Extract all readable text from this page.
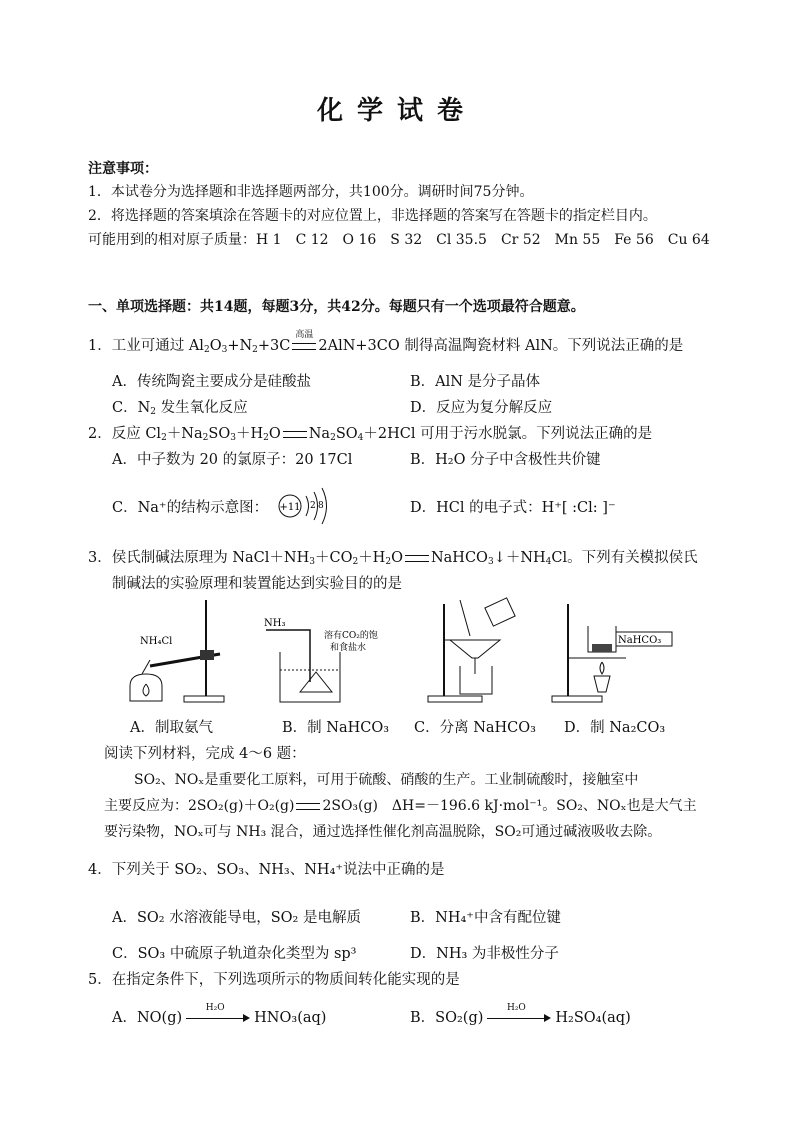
化学试卷
注意事项：
1．本试卷分为选择题和非选择题两部分，共100分。调研时间75分钟。
2．将选择题的答案填涂在答题卡的对应位置上，非选择题的答案写在答题卡的指定栏目内。
可能用到的相对原子质量：H 1　C 12　O 16　S 32　Cl 35.5　Cr 52　Mn 55　Fe 56　Cu 64
一、单项选择题：共14题，每题3分，共42分。每题只有一个选项最符合题意。
1．工业可通过 $Al_2O_3+N_2+3C$
高温
2AlN+3CO 制得高温陶瓷材料 AlN。下列说法正确的是
A．传统陶瓷主要成分是硅酸盐	B．AlN 是分子晶体
C．$N_2$ 发生氧化反应	D．反应为复分解反应
2．反应 $Cl_2+Na_2SO_3+H_2O$ $Na_2SO_4+2HCl$ 可用于污水脱氯。下列说法正确的是
A．中子数为 20 的氯原子：20 17Cl	B．H₂O 分子中含极性共价键
C．Na⁺的结构示意图： +11 2 8	D．HCl 的电子式：H⁺[ :Cl: ]⁻
3．侯氏制碱法原理为 $NaCl+NH_3+CO_2+H_2O$ $NaHCO_3↓+NH_4Cl$。下列有关模拟侯氏
制碱法的实验原理和装置能达到实验目的的是
NH₄Cl
NH₃
溶有CO₂的饱
和食盐水
NaHCO₃
A．制取氨气	B．制 NaHCO₃ C．分离 NaHCO₃ D．制 Na₂CO₃
阅读下列材料，完成 4～6 题：
SO₂、NOₓ是重要化工原料，可用于硫酸、硝酸的生产。工业制硫酸时，接触室中
主要反应为：2SO₂(g)＋O₂(g) 2SO₃(g)　ΔH=－196.6 kJ·mol⁻¹。SO₂、NOₓ也是大气主
要污染物，NOₓ可与 NH₃ 混合，通过选择性催化剂高温脱除，SO₂可通过碱液吸收去除。
4．下列关于 SO₂、SO₃、NH₃、NH₄⁺说法中正确的是
A．SO₂ 水溶液能导电，SO₂ 是电解质	B．NH₄⁺中含有配位键
C．SO₃ 中硫原子轨道杂化类型为 sp³	D．NH₃ 为非极性分子
5．在指定条件下，下列选项所示的物质间转化能实现的是
A．NO(g)
H₂O
HNO₃(aq)	B．SO₂(g)
H₂O
H₂SO₄(aq)
